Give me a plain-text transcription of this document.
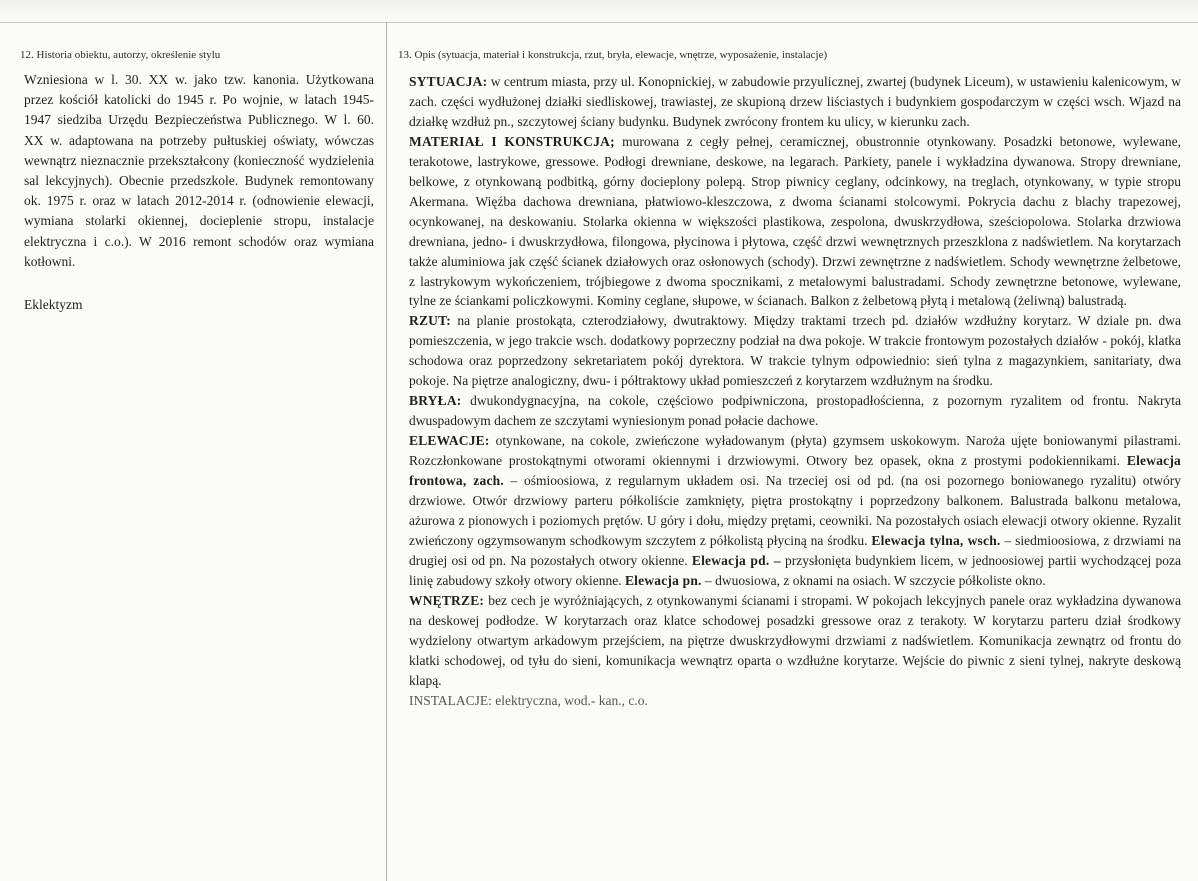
12. Historia obiektu, autorzy, określenie stylu

Wzniesiona w l. 30. XX w. jako tzw. kanonia. Użytkowana przez kościół katolicki do 1945 r. Po wojnie, w latach 1945-1947 siedziba Urzędu Bezpieczeństwa Publicznego. W l. 60. XX w. adaptowana na potrzeby pułtuskiej oświaty, wówczas wewnątrz nieznacznie przekształcony (konieczność wydzielenia sal lekcyjnych). Obecnie przedszkole. Budynek remontowany ok. 1975 r. oraz w latach 2012-2014 r. (odnowienie elewacji, wymiana stolarki okiennej, docieplenie stropu, instalacje elektryczna i c.o.). W 2016 remont schodów oraz wymiana kotłowni.
Eklektyzm

13. Opis (sytuacja, materiał i konstrukcja, rzut, bryła, elewacje, wnętrze, wyposażenie, instalacje)

SYTUACJA: w centrum miasta, przy ul. Konopnickiej, w zabudowie przyulicznej, zwartej (budynek Liceum), w ustawieniu kalenicowym, w zach. części wydłużonej działki siedliskowej, trawiastej, ze skupioną drzew liściastych i budynkiem gospodarczym w części wsch. Wjazd na działkę wzdłuż pn., szczytowej ściany budynku. Budynek zwrócony frontem ku ulicy, w kierunku zach.

MATERIAŁ I KONSTRUKCJA; murowana z cegły pełnej, ceramicznej, obustronnie otynkowany. Posadzki betonowe, wylewane, terakotowe, lastrykowe, gressowe. Podłogi drewniane, deskowe, na legarach. Parkiety, panele i wykładzina dywanowa. Stropy drewniane, belkowe, z otynkowaną podbitką, górny docieplony polepą. Strop piwnicy ceglany, odcinkowy, na treglach, otynkowany, w typie stropu Akermana. Więźba dachowa drewniana, płatwiowo-kleszczowa, z dwoma ścianami stolcowymi. Pokrycia dachu z blachy trapezowej, ocynkowanej, na deskowaniu. Stolarka okienna w większości plastikowa, zespolona, dwuskrzydłowa, sześciopolowa. Stolarka drzwiowa drewniana, jedno- i dwuskrzydłowa, filongowa, płycinowa i płytowa, część drzwi wewnętrznych przeszklona z nadświetlem. Na korytarzach także aluminiowa jak część ścianek działowych oraz osłonowych (schody). Drzwi zewnętrzne z nadświetlem. Schody wewnętrzne żelbetowe, z lastrykowym wykończeniem, trójbiegowe z dwoma spocznikami, z metalowymi balustradami. Schody zewnętrzne betonowe, wylewane, tylne ze ściankami policzkowymi. Kominy ceglane, słupowe, w ścianach. Balkon z żelbetową płytą i metalową (żeliwną) balustradą.

RZUT: na planie prostokąta, czterodziałowy, dwutraktowy. Między traktami trzech pd. działów wzdłużny korytarz. W dziale pn. dwa pomieszczenia, w jego trakcie wsch. dodatkowy poprzeczny podział na dwa pokoje. W trakcie frontowym pozostałych działów - pokój, klatka schodowa oraz poprzedzony sekretariatem pokój dyrektora. W trakcie tylnym odpowiednio: sień tylna z magazynkiem, sanitariaty, dwa pokoje. Na piętrze analogiczny, dwu- i półtraktowy układ pomieszczeń z korytarzem wzdłużnym na środku.

BRYŁA: dwukondygnacyjna, na cokole, częściowo podpiwniczona, prostopadłościenna, z pozornym ryzalitem od frontu. Nakryta dwuspadowym dachem ze szczytami wyniesionym ponad połacie dachowe.

ELEWACJE: otynkowane, na cokole, zwieńczone wyładowanym (płyta) gzymsem uskokowym. Naroża ujęte boniowanymi pilastrami. Rozczłonkowane prostokątnymi otworami okiennymi i drzwiowymi. Otwory bez opasek, okna z prostymi podokiennikami. Elewacja frontowa, zach. – ośmioosiowa, z regularnym układem osi. Na trzeciej osi od pd. (na osi pozornego boniowanego ryzalitu) otwóry drzwiowe. Otwór drzwiowy parteru półkoliście zamknięty, piętra prostokątny i poprzedzony balkonem. Balustrada balkonu metalowa, ażurowa z pionowych i poziomych prętów. U góry i dołu, między prętami, ceowniki. Na pozostałych osiach elewacji otwory okienne. Ryzalit zwieńczony ogzymsowanym schodkowym szczytem z półkolistą płyciną na środku. Elewacja tylna, wsch. – siedmioosiowa, z drzwiami na drugiej osi od pn. Na pozostałych otwory okienne. Elewacja pd. – przysłonięta budynkiem licem, w jednoosiowej partii wychodzącej poza linię zabudowy szkoły otwory okienne. Elewacja pn. – dwuosiowa, z oknami na osiach. W szczycie półkoliste okno.

WNĘTRZE: bez cech je wyróżniających, z otynkowanymi ścianami i stropami. W pokojach lekcyjnych panele oraz wykładzina dywanowa na deskowej podłodze. W korytarzach oraz klatce schodowej posadzki gressowe oraz z terakoty. W korytarzu parteru dział środkowy wydzielony otwartym arkadowym przejściem, na piętrze dwuskrzydłowymi drzwiami z nadświetlem. Komunikacja zewnątrz od frontu do klatki schodowej, od tyłu do sieni, komunikacja wewnątrz oparta o wzdłużne korytarze. Wejście do piwnic z sieni tylnej, nakryte deskową klapą.

INSTALACJE: elektryczna, wod.- kan., c.o.
